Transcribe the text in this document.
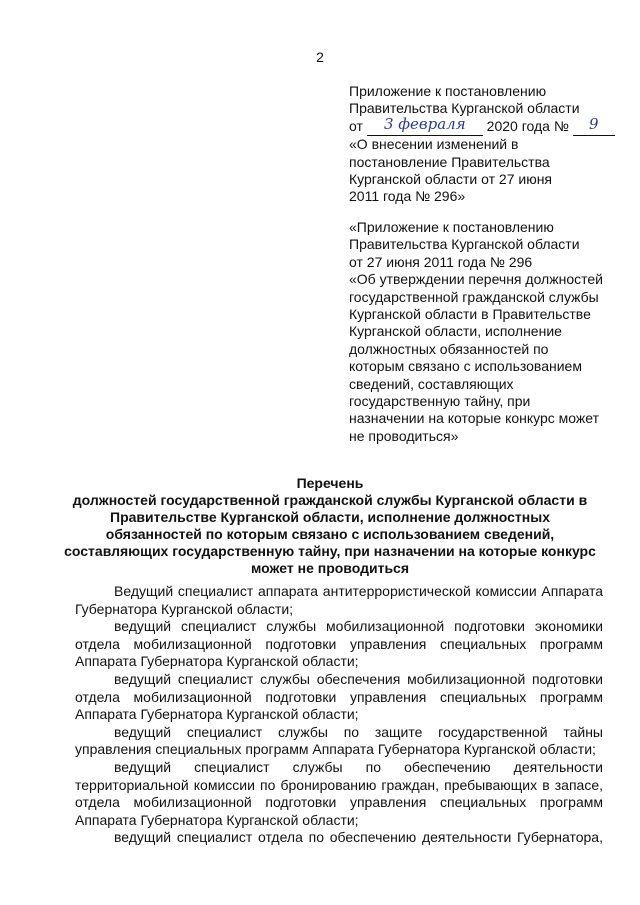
2
Приложение к постановлению
Правительства Курганской области
от 3 февраля 2020 года № 9
«О внесении изменений в
постановление Правительства
Курганской области от 27 июня
2011 года № 296»
«Приложение к постановлению
Правительства Курганской области
от 27 июня 2011 года № 296
«Об утверждении перечня должностей
государственной гражданской службы
Курганской области в Правительстве
Курганской области, исполнение
должностных обязанностей по
которым связано с использованием
сведений, составляющих
государственную тайну, при
назначении на которые конкурс может
не проводиться»
Перечень
должностей государственной гражданской службы Курганской области в
Правительстве Курганской области, исполнение должностных
обязанностей по которым связано с использованием сведений,
составляющих государственную тайну, при назначении на которые конкурс
может не проводиться
Ведущий специалист аппарата антитеррористической комиссии Аппарата
Губернатора Курганской области;
ведущий специалист службы мобилизационной подготовки экономики
отдела мобилизационной подготовки управления специальных программ
Аппарата Губернатора Курганской области;
ведущий специалист службы обеспечения мобилизационной подготовки
отдела мобилизационной подготовки управления специальных программ
Аппарата Губернатора Курганской области;
ведущий специалист службы по защите государственной тайны
управления специальных программ Аппарата Губернатора Курганской области;
ведущий специалист службы по обеспечению деятельности
территориальной комиссии по бронированию граждан, пребывающих в запасе,
отдела мобилизационной подготовки управления специальных программ
Аппарата Губернатора Курганской области;
ведущий специалист отдела по обеспечению деятельности Губернатора,
